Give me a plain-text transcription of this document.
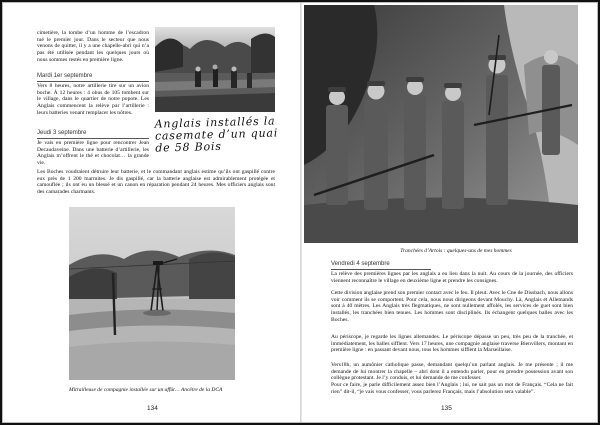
cimetière, la tombe d’un homme de l’escadron tué le premier jour. Dans le secteur que nous venons de quitter, il y a une chapelle-abri qui n’a pas été utilisée pendant les quelques jours où nous sommes restés en première ligne.

Mardi 1er septembre

Vers 8 heures, notre artillerie tire sur un avion boche. À 12 heures : 4 obus de 105 tombent sur le village, dans le quartier de notre popote. Les Anglais commencent la relève par l’artillerie : leurs batteries venant remplacer les nôtres.

Anglais installés la casemate d’un quai de 58 Bois
Jeudi 3 septembre

Je vais en première ligne pour rencontrer Jean Decaudaveine. Dans une batterie d’artillerie, les Anglais m’offrent le thé et chocolat… la grande vie.

Les Boches voudraient détruire leur batterie, et le commandant anglais estime qu’ils ont gaspillé contre eux près de 1 200 marmites. Je dis gaspillé, car la batterie anglaise est admirablement protégée et camouflée ; ils ont eu un blessé et un canon en réparation pendant 24 heures. Mes officiers anglais sont des camarades charmants.

Mitrailleuse de compagnie installée sur un affût… Ancêtre de la DCA
134
Tranchées d’Artois : quelques-uns de mes hommes
Vendredi 4 septembre

La relève des premières lignes par les anglais a eu lieu dans la nuit. Au cours de la journée, des officiers viennent reconnaître le village en deuxième ligne et prendre les consignes.

Cette division anglaise prend son premier contact avec le feu. Il pleut. Avec le Cne de Dissbach, nous allons voir comment ils se comportent. Pour cela, nous nous dirigeons devant Mouchy. Là, Anglais et Allemands sont à 40 mètres. Les Anglais très flegmatiques, ne sont nullement affolés, les services de guet sont bien installés, les tranchées bien tenues. Les hommes sont disciplinés. Ils échangent quelques balles avec les Boches.

Au périscope, je regarde les lignes allemandes. Le périscope dépasse un peu, très peu de la tranchée, et immédiatement, les balles sifflent. Vers 17 heures, une compagnie anglaise traverse Bienvillers, montant en première ligne : en passant devant nous, tous les hommes sifflent la Marseillaise.

Vers18h, un aumônier catholique passe, demandant quelqu’un parlant anglais. Je me présente ; il me demande de lui montrer la chapelle – abri dont il a entendu parler, pour en prendre possession avant son collègue protestant. Je l’y conduis, et lui demande de me confesser.

Pour ce faire, je parle difficilement assez bien l’Anglais ; lui, ne sait pas un mot de Français. “Cela ne fait rien” dit-il, “je vais vous confesser, vous parlerez Français, mais l’absolution sera valable”.

135
